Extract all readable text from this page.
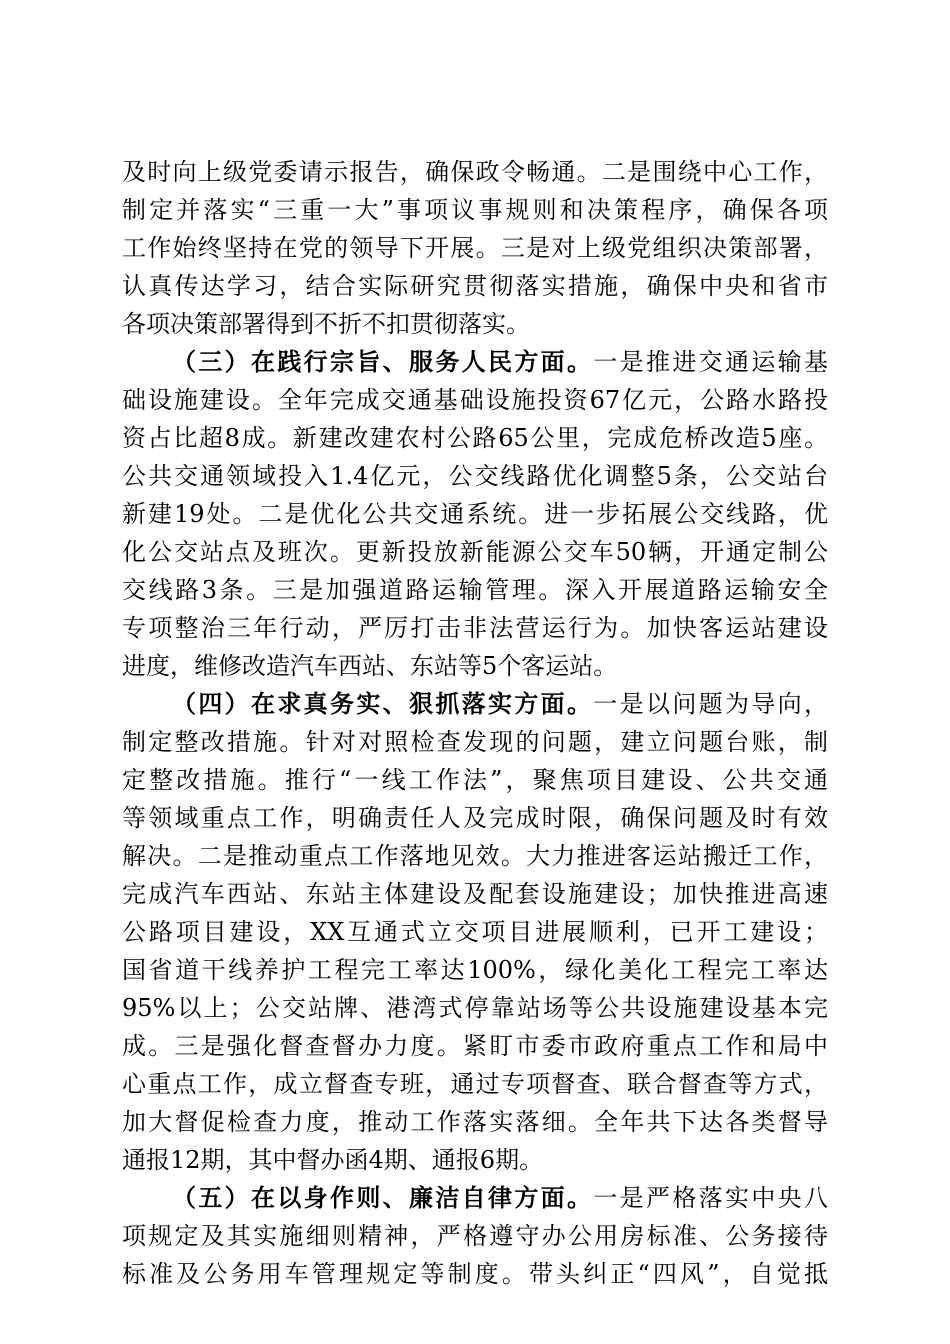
及时向上级党委请示报告，确保政令畅通。二是围绕中心工作，
制定并落实“三重一大”事项议事规则和决策程序，确保各项
工作始终坚持在党的领导下开展。三是对上级党组织决策部署，
认真传达学习，结合实际研究贯彻落实措施，确保中央和省市
各项决策部署得到不折不扣贯彻落实。
（三）在践行宗旨、服务人民方面。一是推进交通运输基
础设施建设。全年完成交通基础设施投资67亿元，公路水路投
资占比超8成。新建改建农村公路65公里，完成危桥改造5座。
公共交通领域投入1.4亿元，公交线路优化调整5条，公交站台
新建19处。二是优化公共交通系统。进一步拓展公交线路，优
化公交站点及班次。更新投放新能源公交车50辆，开通定制公
交线路3条。三是加强道路运输管理。深入开展道路运输安全
专项整治三年行动，严厉打击非法营运行为。加快客运站建设
进度，维修改造汽车西站、东站等5个客运站。
（四）在求真务实、狠抓落实方面。一是以问题为导向，
制定整改措施。针对对照检查发现的问题，建立问题台账，制
定整改措施。推行“一线工作法”，聚焦项目建设、公共交通
等领域重点工作，明确责任人及完成时限，确保问题及时有效
解决。二是推动重点工作落地见效。大力推进客运站搬迁工作，
完成汽车西站、东站主体建设及配套设施建设；加快推进高速
公路项目建设，XX互通式立交项目进展顺利，已开工建设；
国省道干线养护工程完工率达100%，绿化美化工程完工率达
95%以上；公交站牌、港湾式停靠站场等公共设施建设基本完
成。三是强化督查督办力度。紧盯市委市政府重点工作和局中
心重点工作，成立督查专班，通过专项督查、联合督查等方式，
加大督促检查力度，推动工作落实落细。全年共下达各类督导
通报12期，其中督办函4期、通报6期。
（五）在以身作则、廉洁自律方面。一是严格落实中央八
项规定及其实施细则精神，严格遵守办公用房标准、公务接待
标准及公务用车管理规定等制度。带头纠正“四风”，自觉抵
